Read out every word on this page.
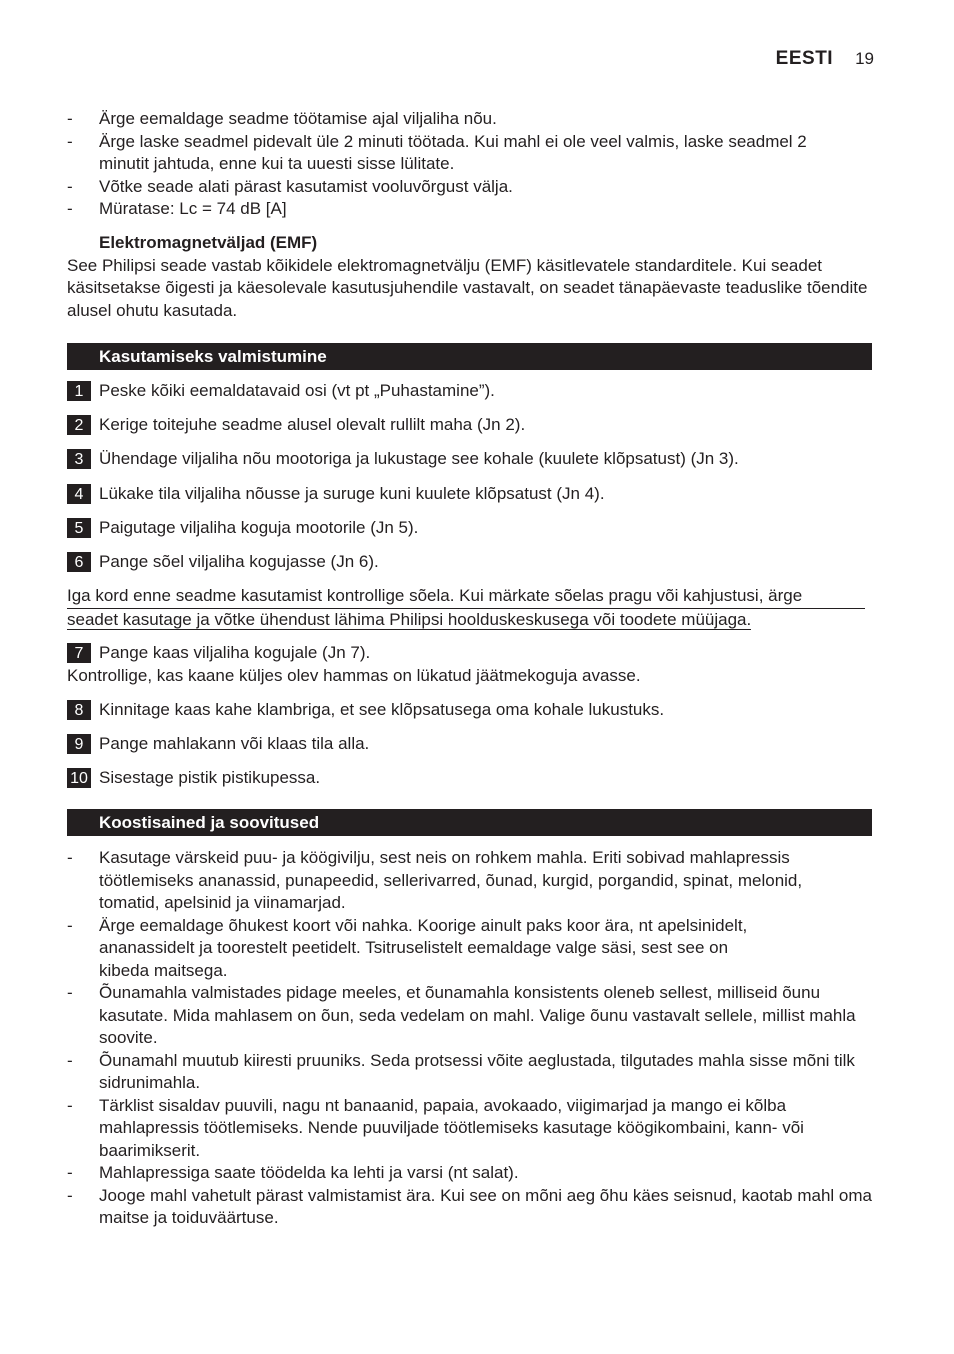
EESTI 19
- Ärge eemaldage seadme töötamise ajal viljaliha nõu.
- Ärge laske seadmel pidevalt üle 2 minuti töötada. Kui mahl ei ole veel valmis, laske seadmel 2 minutit jahtuda, enne kui ta uuesti sisse lülitate.
- Võtke seade alati pärast kasutamist vooluvõrgust välja.
- Müratase: Lc = 74 dB [A]
Elektromagnetväljad (EMF)
See Philipsi seade vastab kõikidele elektromagnetvälju (EMF) käsitlevatele standarditele. Kui seadet käsitsetakse õigesti ja käesolevale kasutusjuhendile vastavalt, on seadet tänapäevaste teaduslike tõendite alusel ohutu kasutada.
Kasutamiseks valmistumine
1 Peske kõiki eemaldatavaid osi (vt pt „Puhastamine”).
2 Kerige toitejuhe seadme alusel olevalt rullilt maha (Jn 2).
3 Ühendage viljaliha nõu mootoriga ja lukustage see kohale (kuulete klõpsatust) (Jn 3).
4 Lükake tila viljaliha nõusse ja suruge kuni kuulete klõpsatust (Jn 4).
5 Paigutage viljaliha koguja mootorile (Jn 5).
6 Pange sõel viljaliha kogujasse (Jn 6).
Iga kord enne seadme kasutamist kontrollige sõela. Kui märkate sõelas pragu või kahjustusi, ärge
seadet kasutage ja võtke ühendust lähima Philipsi hoolduskeskusega või toodete müüjaga.
7 Pange kaas viljaliha kogujale (Jn 7).
Kontrollige, kas kaane küljes olev hammas on lükatud jäätmekoguja avasse.
8 Kinnitage kaas kahe klambriga, et see klõpsatusega oma kohale lukustuks.
9 Pange mahlakann või klaas tila alla.
10 Sisestage pistik pistikupessa.
Koostisained ja soovitused
- Kasutage värskeid puu- ja köögivilju, sest neis on rohkem mahla. Eriti sobivad mahlapressis töötlemiseks ananassid, punapeedid, sellerivarred, õunad, kurgid, porgandid, spinat, melonid, tomatid, apelsinid ja viinamarjad.
- Ärge eemaldage õhukest koort või nahka. Koorige ainult paks koor ära, nt apelsinidelt, ananassidelt ja toorestelt peetidelt. Tsitruselistelt eemaldage valge säsi, sest see on kibeda maitsega.
- Õunamahla valmistades pidage meeles, et õunamahla konsistents oleneb sellest, milliseid õunu kasutate. Mida mahlasem on õun, seda vedelam on mahl. Valige õunu vastavalt sellele, millist mahla soovite.
- Õunamahl muutub kiiresti pruuniks. Seda protsessi võite aeglustada, tilgutades mahla sisse mõni tilk sidrunimahla.
- Tärklist sisaldav puuvili, nagu nt banaanid, papaia, avokaado, viigimarjad ja mango ei kõlba mahlapressis töötlemiseks. Nende puuviljade töötlemiseks kasutage köögikombaini, kann- või baarimikserit.
- Mahlapressiga saate töödelda ka lehti ja varsi (nt salat).
- Jooge mahl vahetult pärast valmistamist ära. Kui see on mõni aeg õhu käes seisnud, kaotab mahl oma maitse ja toiduväärtuse.
